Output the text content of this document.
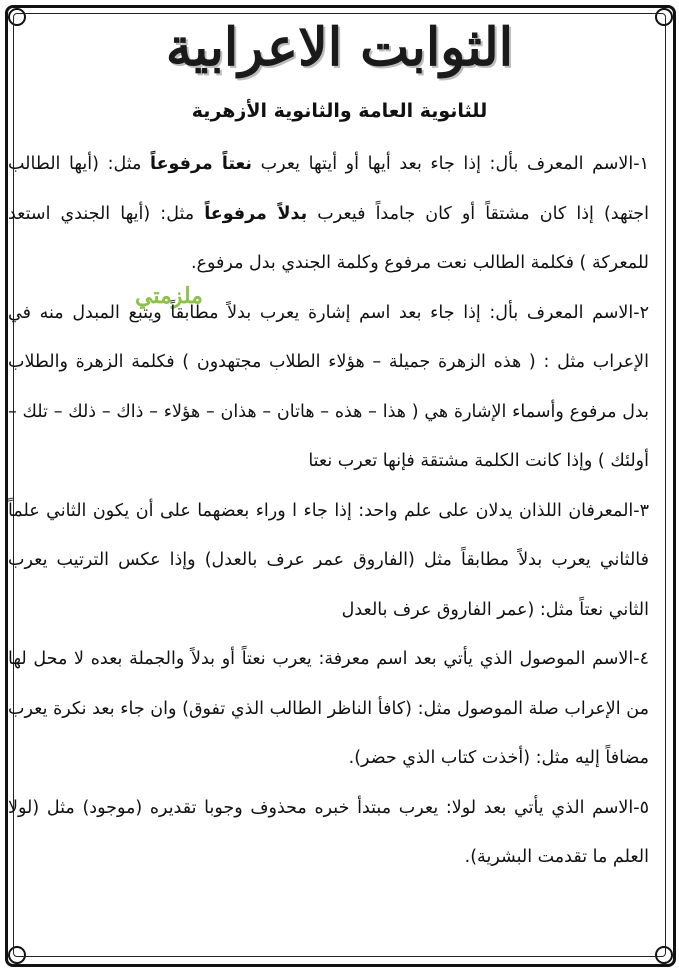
الثوابت الاعرابية
للثانوية العامة والثانوية الأزهرية
ملزمتي

١-الاسم المعرف بأل: إذا جاء بعد أيها أو أيتها يعرب نعتاً مرفوعاً مثل: (أيها الطالب اجتهد) إذا كان مشتقاً أو كان جامداً فيعرب بدلاً مرفوعاً مثل: (أيها الجندي استعد للمعركة ) فكلمة الطالب نعت مرفوع وكلمة الجندي بدل مرفوع.

٢-الاسم المعرف بأل: إذا جاء بعد اسم إشارة يعرب بدلاً مطابقاً ويتبع المبدل منه في الإعراب مثل : ( هذه الزهرة جميلة – هؤلاء الطلاب مجتهدون ) فكلمة الزهرة والطلاب بدل مرفوع وأسماء الإشارة هي ( هذا – هذه – هاتان – هذان – هؤلاء – ذاك – ذلك – تلك – أولئك ) وإذا كانت الكلمة مشتقة فإنها تعرب نعتا

٣-المعرفان اللذان يدلان على علم واحد: إذا جاء ا وراء بعضهما على أن يكون الثاني علماً فالثاني يعرب بدلاً مطابقاً مثل (الفاروق عمر عرف بالعدل) وإذا عكس الترتيب يعرب الثاني نعتاً مثل: (عمر الفاروق عرف بالعدل

٤-الاسم الموصول الذي يأتي بعد اسم معرفة: يعرب نعتاً أو بدلاً والجملة بعده لا محل لها من الإعراب صلة الموصول مثل: (كافأ الناظر الطالب الذي تفوق) وان جاء بعد نكرة يعرب مضافاً إليه مثل: (أخذت كتاب الذي حضر).

٥-الاسم الذي يأتي بعد لولا: يعرب مبتدأ خبره محذوف وجوبا تقديره (موجود) مثل (لولا العلم ما تقدمت البشرية).
